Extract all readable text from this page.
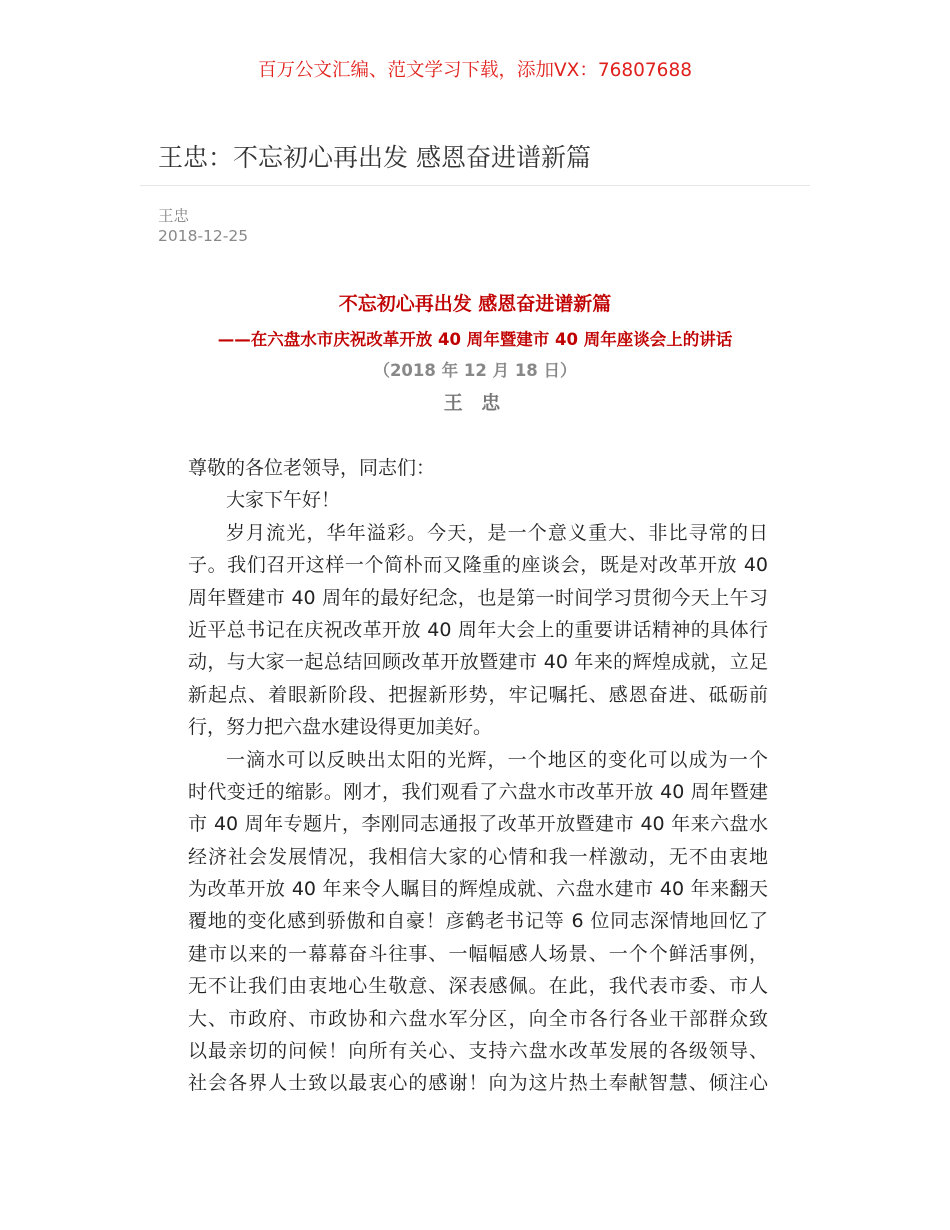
百万公文汇编、范文学习下载，添加VX：76807688
王忠：不忘初心再出发 感恩奋进谱新篇
王忠
2018-12-25
不忘初心再出发 感恩奋进谱新篇
——在六盘水市庆祝改革开放 40 周年暨建市 40 周年座谈会上的讲话
（2018 年 12 月 18 日）
王 忠
尊敬的各位老领导，同志们：
大家下午好！
岁月流光，华年溢彩。今天，是一个意义重大、非比寻常的日
子。我们召开这样一个简朴而又隆重的座谈会，既是对改革开放 40
周年暨建市 40 周年的最好纪念，也是第一时间学习贯彻今天上午习
近平总书记在庆祝改革开放 40 周年大会上的重要讲话精神的具体行
动，与大家一起总结回顾改革开放暨建市 40 年来的辉煌成就，立足
新起点、着眼新阶段、把握新形势，牢记嘱托、感恩奋进、砥砺前
行，努力把六盘水建设得更加美好。
一滴水可以反映出太阳的光辉，一个地区的变化可以成为一个
时代变迁的缩影。刚才，我们观看了六盘水市改革开放 40 周年暨建
市 40 周年专题片，李刚同志通报了改革开放暨建市 40 年来六盘水
经济社会发展情况，我相信大家的心情和我一样激动，无不由衷地
为改革开放 40 年来令人瞩目的辉煌成就、六盘水建市 40 年来翻天
覆地的变化感到骄傲和自豪！彦鹤老书记等 6 位同志深情地回忆了
建市以来的一幕幕奋斗往事、一幅幅感人场景、一个个鲜活事例，
无不让我们由衷地心生敬意、深表感佩。在此，我代表市委、市人
大、市政府、市政协和六盘水军分区，向全市各行各业干部群众致
以最亲切的问候！向所有关心、支持六盘水改革发展的各级领导、
社会各界人士致以最衷心的感谢！向为这片热土奉献智慧、倾注心
